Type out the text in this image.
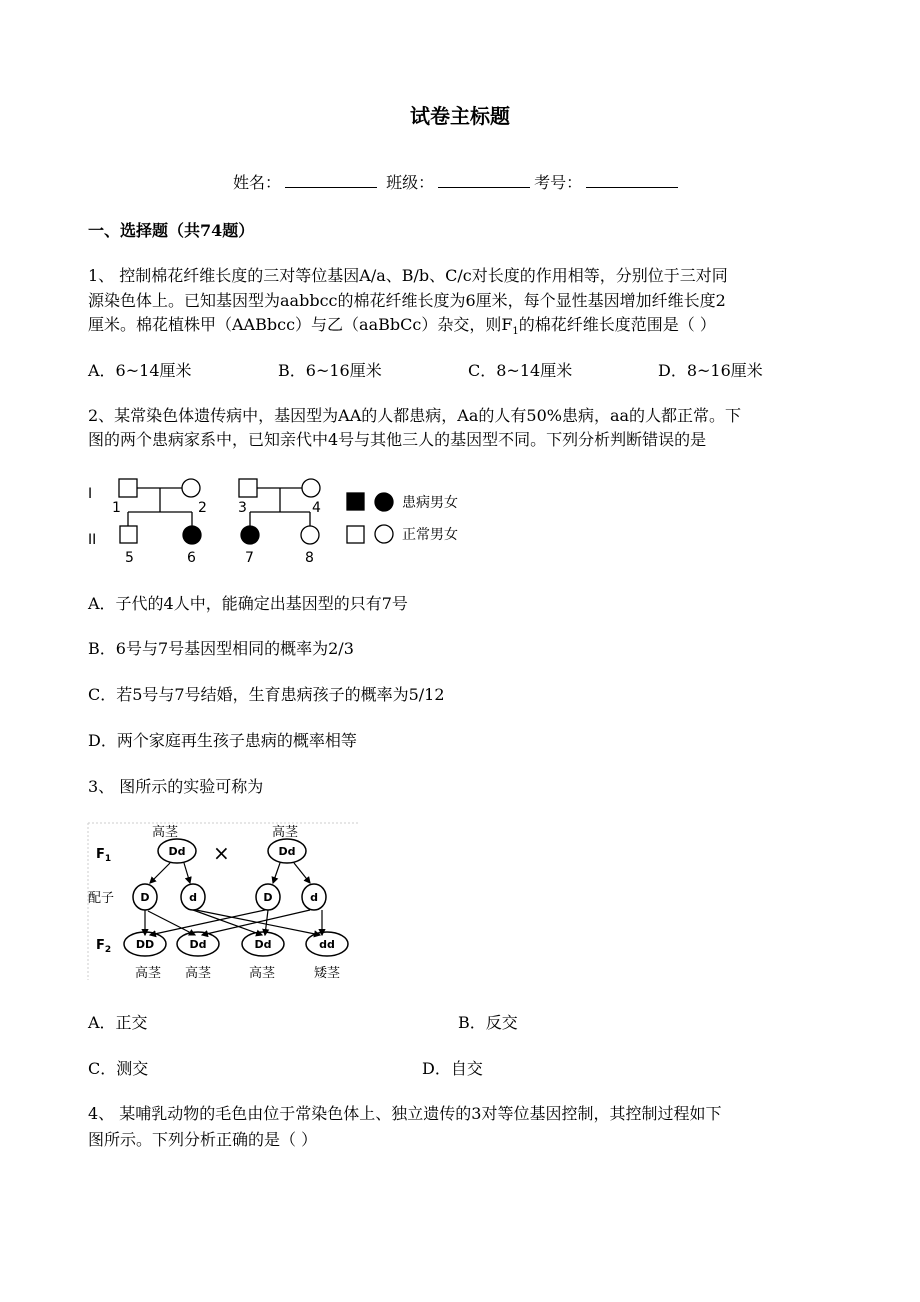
试卷主标题
姓名：	班级：	考号：
一、选择题（共74题）
1、 控制棉花纤维长度的三对等位基因A/a、B/b、C/c对长度的作用相等，分别位于三对同
源染色体上。已知基因型为aabbcc的棉花纤维长度为6厘米，每个显性基因增加纤维长度2
厘米。棉花植株甲（AABbcc）与乙（aaBbCc）杂交，则$F_1$的棉花纤维长度范围是（ ）
A．6~14厘米	B．6~16厘米	C．8~14厘米	D．8~16厘米
2、某常染色体遗传病中，基因型为AA的人都患病，Aa的人有50%患病，aa的人都正常。下
图的两个患病家系中，已知亲代中4号与其他三人的基因型不同。下列分析判断错误的是
I
II
1	2 3	4
5	6	7	8
患病男女
正常男女
A．子代的4人中，能确定出基因型的只有7号
B．6号与7号基因型相同的概率为2/3
C．若5号与7号结婚，生育患病孩子的概率为5/12
D．两个家庭再生孩子患病的概率相等
3、 图所示的实验可称为
高茎	高茎
$F_1$
配子
$F_2$
×
Dd	Dd
D	d	D	d
DD	Dd	Dd	dd
高茎 高茎	高茎	矮茎
A．正交	B．反交
C．测交	D．自交
4、 某哺乳动物的毛色由位于常染色体上、独立遗传的3对等位基因控制，其控制过程如下
图所示。下列分析正确的是（ ）
